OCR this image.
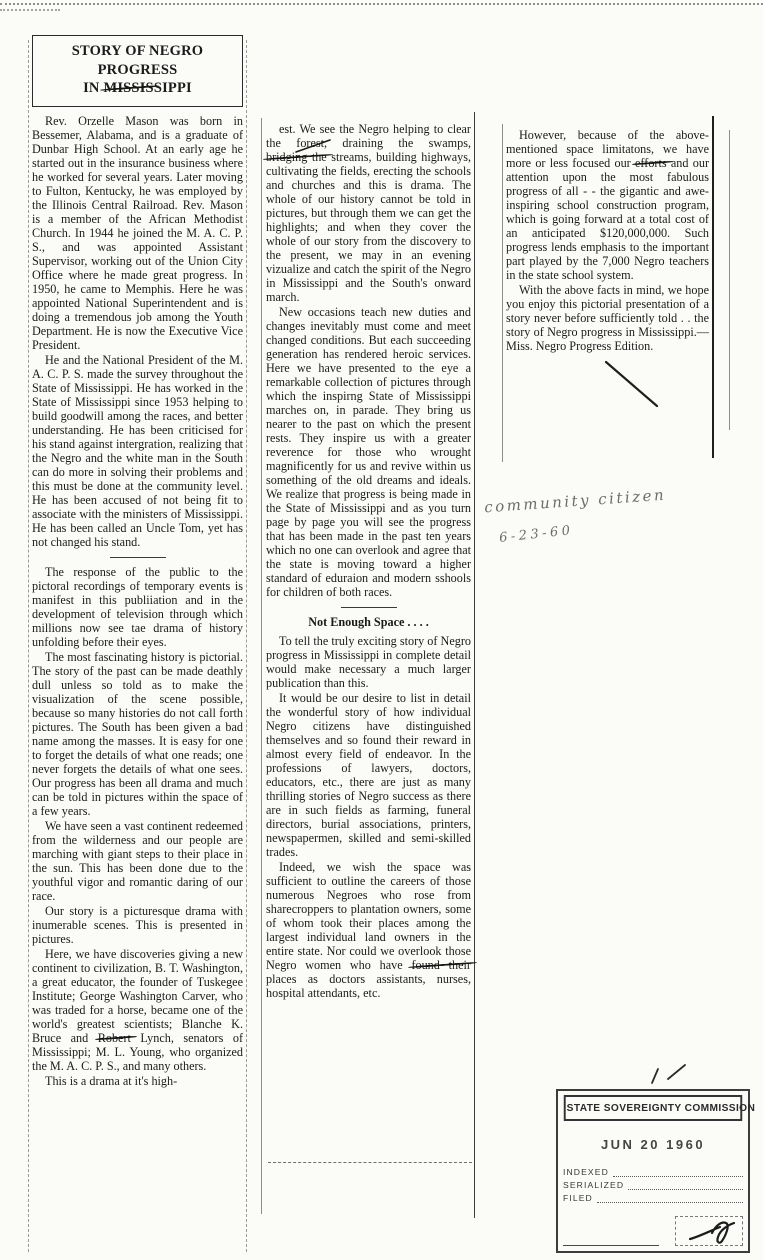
STORY OF NEGRO PROGRESS
IN MISSISSIPPI

Rev. Orzelle Mason was born in Bessemer, Alabama, and is a graduate of Dunbar High School. At an early age he started out in the insurance business where he worked for several years. Later moving to Fulton, Kentucky, he was employed by the Illinois Central Railroad. Rev. Mason is a member of the African Methodist Church. In 1944 he joined the M. A. C. P. S., and was appointed Assistant Supervisor, working out of the Union City Office where he made great progress. In 1950, he came to Memphis. Here he was appointed National Superintendent and is doing a tremendous job among the Youth Department. He is now the Executive Vice President.

He and the National President of the M. A. C. P. S. made the survey throughout the State of Mississippi. He has worked in the State of Mississippi since 1953 helping to build goodwill among the races, and better understanding. He has been criticised for his stand against intergration, realizing that the Negro and the white man in the South can do more in solving their problems and this must be done at the community level. He has been accused of not being fit to associate with the ministers of Mississippi. He has been called an Uncle Tom, yet has not changed his stand.

The response of the public to the pictoral recordings of temporary events is manifest in this publiiation and in the development of television through which millions now see tae drama of history unfolding before their eyes.

The most fascinating history is pictorial. The story of the past can be made deathly dull unless so told as to make the visualization of the scene possible, because so many histories do not call forth pictures. The South has been given a bad name among the masses. It is easy for one to forget the details of what one reads; one never forgets the details of what one sees. Our progress has been all drama and much can be told in pictures within the space of a few years.

We have seen a vast continent redeemed from the wilderness and our people are marching with giant steps to their place in the sun. This has been done due to the youthful vigor and romantic daring of our race.

Our story is a picturesque drama with inumerable scenes. This is presented in pictures.

Here, we have discoveries giving a new continent to civilization, B. T. Washington, a great educator, the founder of Tuskegee Institute; George Washington Carver, who was traded for a horse, became one of the world's greatest scientists; Blanche K. Bruce and Robert Lynch, senators of Mississippi; M. L. Young, who organized the M. A. C. P. S., and many others.

This is a drama at it's high-

est. We see the Negro helping to clear the forest, draining the swamps, bridging the streams, building highways, cultivating the fields, erecting the schools and churches and this is drama. The whole of our history cannot be told in pictures, but through them we can get the highlights; and when they cover the whole of our story from the discovery to the present, we may in an evening vizualize and catch the spirit of the Negro in Mississippi and the South's onward march.

New occasions teach new duties and changes inevitably must come and meet changed conditions. But each succeeding generation has rendered heroic services. Here we have presented to the eye a remarkable collection of pictures through which the inspirng State of Mississippi marches on, in parade. They bring us nearer to the past on which the present rests. They inspire us with a greater reverence for those who wrought magnificently for us and revive within us something of the old dreams and ideals. We realize that progress is being made in the State of Mississippi and as you turn page by page you will see the progress that has been made in the past ten years which no one can overlook and agree that the state is moving toward a higher standard of eduraion and modern sshools for children of both races.

Not Enough Space . . . .

To tell the truly exciting story of Negro progress in Mississippi in complete detail would make necessary a much larger publication than this.

It would be our desire to list in detail the wonderful story of how individual Negro citizens have distinguished themselves and so found their reward in almost every field of endeavor. In the professions of lawyers, doctors, educators, etc., there are just as many thrilling stories of Negro success as there are in such fields as farming, funeral directors, burial associations, printers, newspapermen, skilled and semi-skilled trades.

Indeed, we wish the space was sufficient to outline the careers of those numerous Negroes who rose from sharecroppers to plantation owners, some of whom took their places among the largest individual land owners in the entire state. Nor could we overlook those Negro women who have found their places as doctors assistants, nurses, hospital attendants, etc.

However, because of the above-mentioned space limitatons, we have more or less focused our efforts and our attention upon the most fabulous progress of all - - the gigantic and awe-inspiring school construction program, which is going forward at a total cost of an anticipated $120,000,000. Such progress lends emphasis to the important part played by the 7,000 Negro teachers in the state school system.

With the above facts in mind, we hope you enjoy this pictorial presentation of a story never before sufficiently told . . the story of Negro progress in Mississippi.—Miss. Negro Progress Edition.

community citizen
6-23-60
STATE SOVEREIGNTY COMMISSION
JUN 20 1960
INDEXED
SERIALIZED
FILED
